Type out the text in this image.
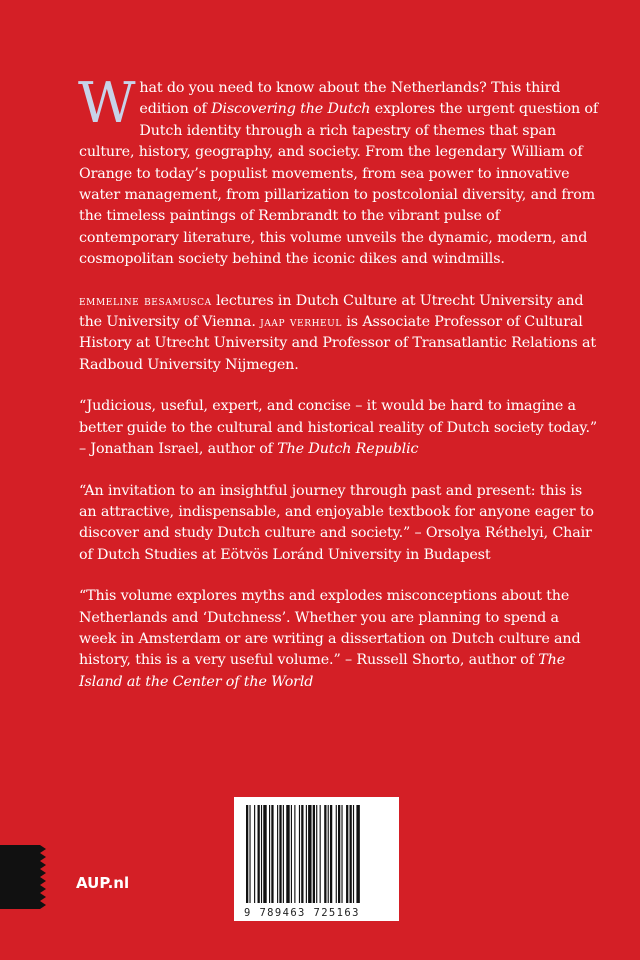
What do you need to know about the Netherlands? This third edition of Discovering the Dutch explores the urgent question of Dutch identity through a rich tapestry of themes that span culture, history, geography, and society. From the legendary William of Orange to today’s populist movements, from sea power to innovative water management, from pillarization to postcolonial diversity, and from the timeless paintings of Rembrandt to the vibrant pulse of contemporary literature, this volume unveils the dynamic, modern, and cosmopolitan society behind the iconic dikes and windmills.

emmeline besamusca lectures in Dutch Culture at Utrecht University and the University of Vienna. jaap verheul is Associate Professor of Cultural History at Utrecht University and Professor of Transatlantic Relations at Radboud University Nijmegen.

“Judicious, useful, expert, and concise – it would be hard to imagine a better guide to the cultural and historical reality of Dutch society today.” – Jonathan Israel, author of The Dutch Republic

“An invitation to an insightful journey through past and present: this is an attractive, indispensable, and enjoyable textbook for anyone eager to discover and study Dutch culture and society.” – Orsolya Réthelyi, Chair of Dutch Studies at Eötvös Loránd University in Budapest

“This volume explores myths and explodes misconceptions about the Netherlands and ‘Dutchness’. Whether you are planning to spend a week in Amsterdam or are writing a dissertation on Dutch culture and history, this is a very useful volume.” – Russell Shorto, author of The Island at the Center of the World

AUP.nl
9 789463 725163
